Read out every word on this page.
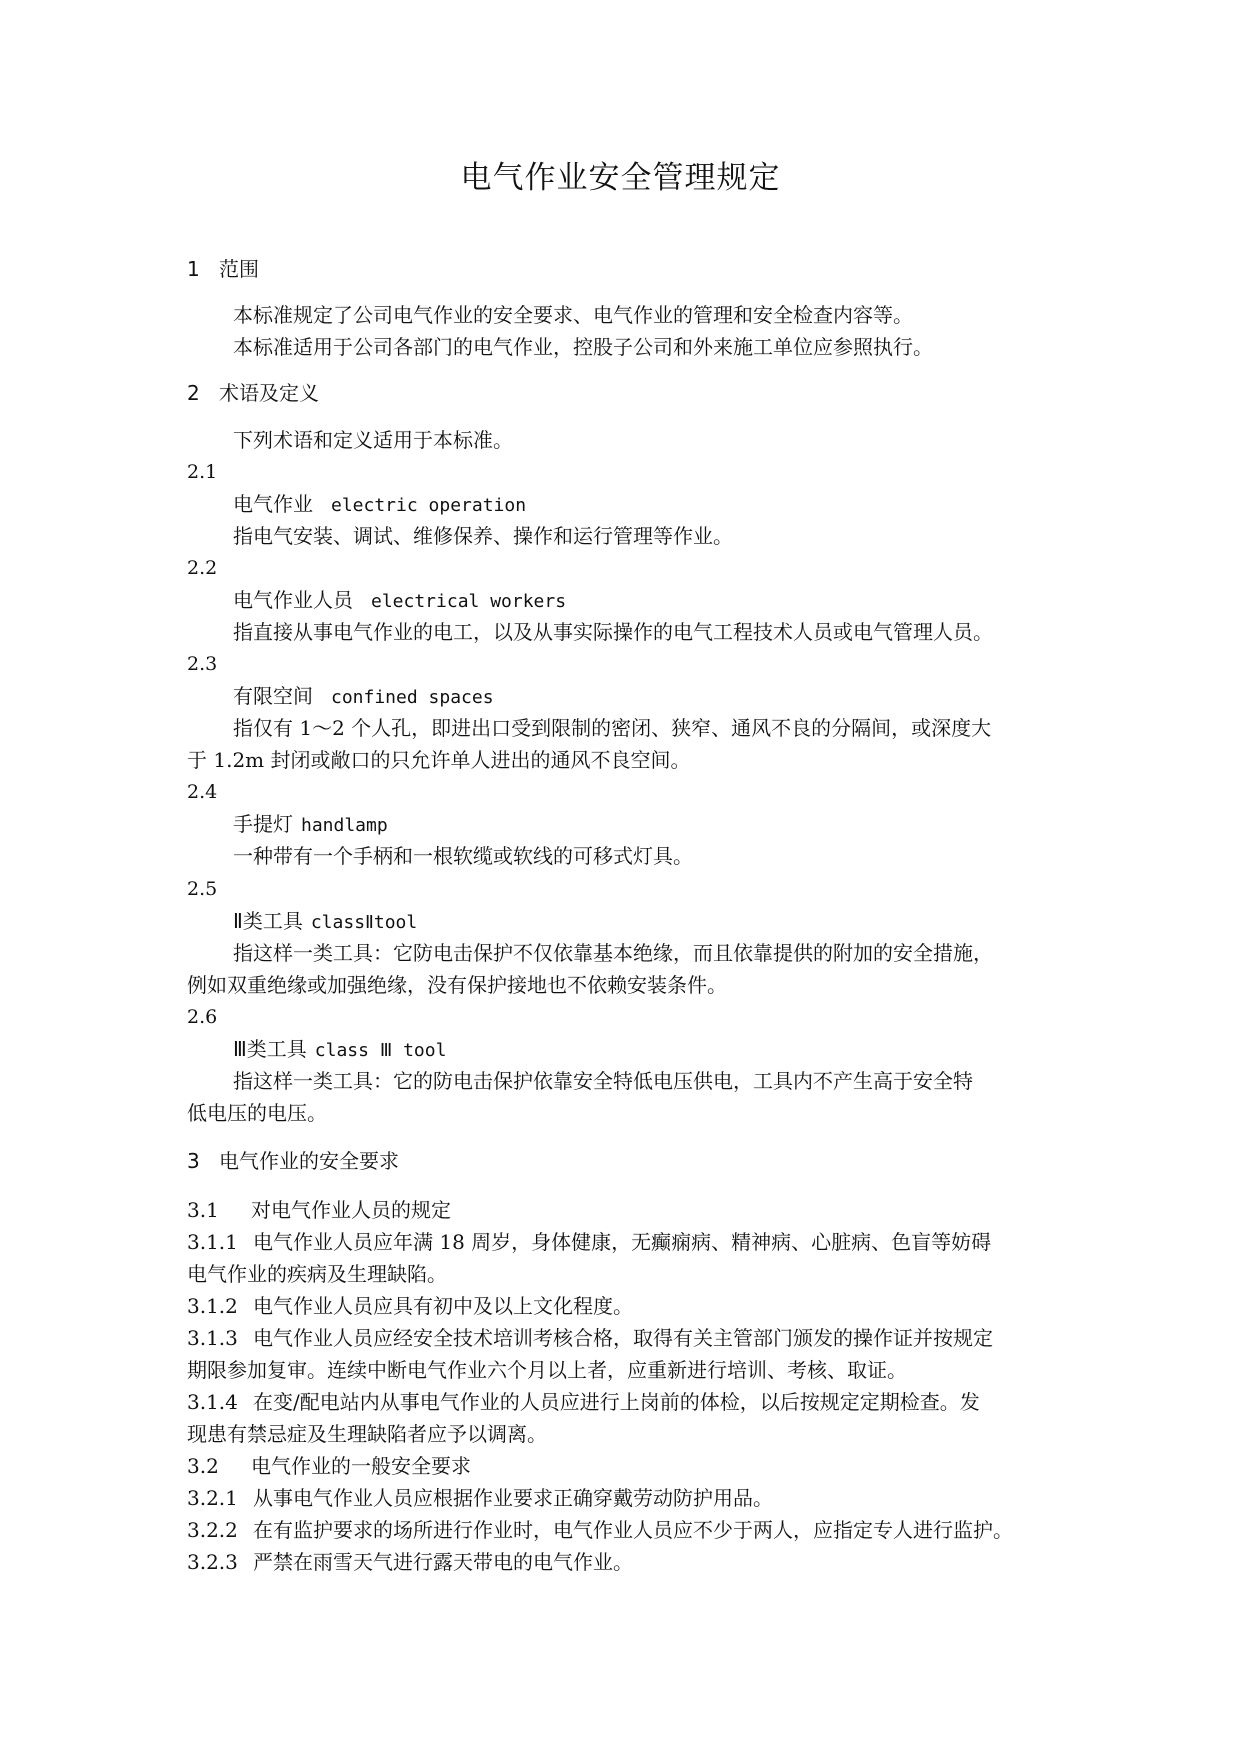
电气作业安全管理规定
1 范围
本标准规定了公司电气作业的安全要求、电气作业的管理和安全检查内容等。
本标准适用于公司各部门的电气作业，控股子公司和外来施工单位应参照执行。
2 术语及定义
下列术语和定义适用于本标准。
2.1
电气作业 electric operation
指电气安装、调试、维修保养、操作和运行管理等作业。
2.2
电气作业人员 electrical workers
指直接从事电气作业的电工，以及从事实际操作的电气工程技术人员或电气管理人员。
2.3
有限空间 confined spaces
指仅有 1～2 个人孔，即进出口受到限制的密闭、狭窄、通风不良的分隔间，或深度大
于 1.2m 封闭或敞口的只允许单人进出的通风不良空间。
2.4
手提灯 handlamp
一种带有一个手柄和一根软缆或软线的可移式灯具。
2.5
Ⅱ类工具 classⅡtool
指这样一类工具：它防电击保护不仅依靠基本绝缘，而且依靠提供的附加的安全措施，
例如双重绝缘或加强绝缘，没有保护接地也不依赖安装条件。
2.6
Ⅲ类工具 class Ⅲ tool
指这样一类工具：它的防电击保护依靠安全特低电压供电，工具内不产生高于安全特
低电压的电压。
3 电气作业的安全要求
3.1 对电气作业人员的规定
3.1.1 电气作业人员应年满 18 周岁，身体健康，无癫痫病、精神病、心脏病、色盲等妨碍
电气作业的疾病及生理缺陷。
3.1.2 电气作业人员应具有初中及以上文化程度。
3.1.3 电气作业人员应经安全技术培训考核合格，取得有关主管部门颁发的操作证并按规定
期限参加复审。连续中断电气作业六个月以上者，应重新进行培训、考核、取证。
3.1.4 在变/配电站内从事电气作业的人员应进行上岗前的体检，以后按规定定期检查。发
现患有禁忌症及生理缺陷者应予以调离。
3.2 电气作业的一般安全要求
3.2.1 从事电气作业人员应根据作业要求正确穿戴劳动防护用品。
3.2.2 在有监护要求的场所进行作业时，电气作业人员应不少于两人，应指定专人进行监护。
3.2.3 严禁在雨雪天气进行露天带电的电气作业。
